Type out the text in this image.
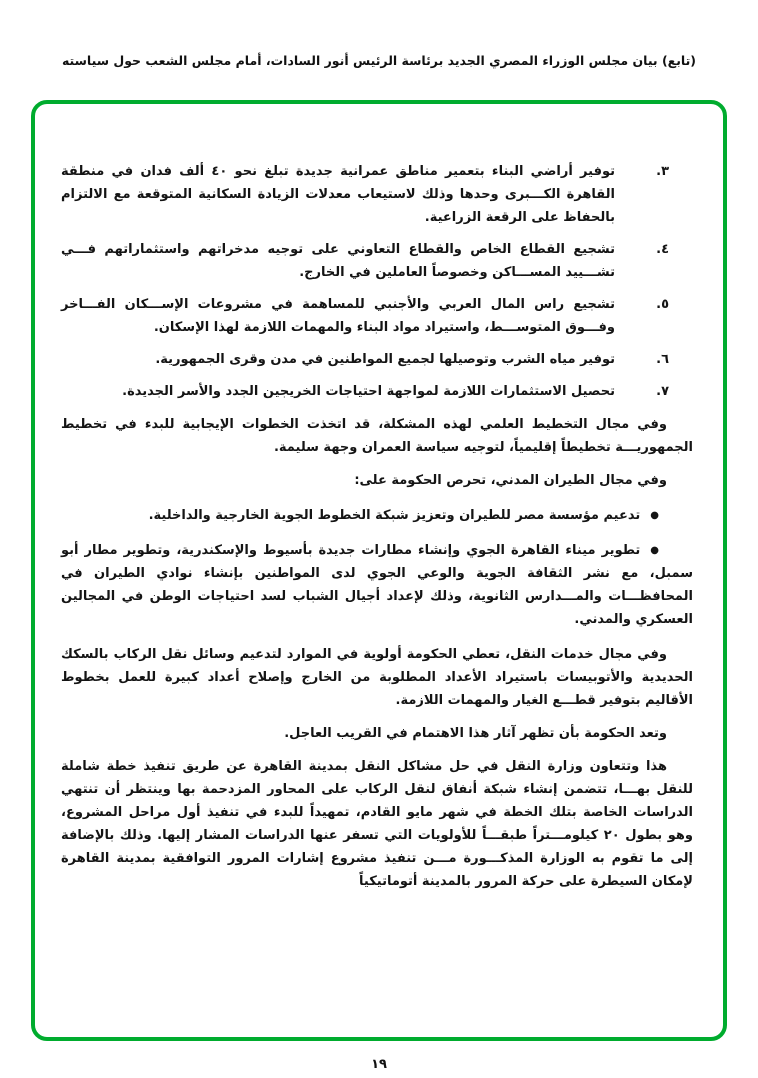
(تابع) بيان مجلس الوزراء المصري الجديد برئاسة الرئيس أنور السادات، أمام مجلس الشعب حول سياسته
٣.
توفير أراضي البناء بتعمير مناطق عمرانية جديدة تبلغ نحو ٤٠ ألف فدان في منطقة القاهرة الكـــبرى وحدها وذلك لاستيعاب معدلات الزيادة السكانية المتوقعة مع الالتزام بالحفاظ على الرقعة الزراعية.
٤.
تشجيع القطاع الخاص والقطاع التعاوني على توجيه مدخراتهم واستثماراتهم فـــي تشـــييد المســـاكن وخصوصاً العاملين في الخارج.
٥.
تشجيع راس المال العربي والأجنبي للمساهمة في مشروعات الإســـكان الفـــاخر وفـــوق المتوســـط، واستيراد مواد البناء والمهمات اللازمة لهذا الإسكان.
٦.
توفير مياه الشرب وتوصيلها لجميع المواطنين في مدن وقرى الجمهورية.
٧.
تحصيل الاستثمارات اللازمة لمواجهة احتياجات الخريجين الجدد والأسر الجديدة.

وفي مجال التخطيط العلمي لهذه المشكلة، قد اتخذت الخطوات الإيجابية للبدء في تخطيط الجمهوريـــة تخطيطاً إقليمياً، لتوجيه سياسة العمران وجهة سليمة.

وفي مجال الطيران المدني، تحرص الحكومة على:

●تدعيم مؤسسة مصر للطيران وتعزيز شبكة الخطوط الجوية الخارجية والداخلية.
●تطوير ميناء القاهرة الجوي وإنشاء مطارات جديدة بأسيوط والإسكندرية، وتطوير مطار أبو سمبل، مع نشر الثقافة الجوية والوعي الجوي لدى المواطنين بإنشاء نوادي الطيران في المحافظـــات والمـــدارس الثانوية، وذلك لإعداد أجيال الشباب لسد احتياجات الوطن في المجالين العسكري والمدني.

وفي مجال خدمات النقل، تعطي الحكومة أولوية في الموارد لتدعيم وسائل نقل الركاب بالسكك الحديدية والأتوبيسات باستيراد الأعداد المطلوبة من الخارج وإصلاح أعداد كبيرة للعمل بخطوط الأقاليم بتوفير قطـــع الغيار والمهمات اللازمة.

وتعد الحكومة بأن تظهر آثار هذا الاهتمام في القريب العاجل.

هذا وتتعاون وزارة النقل في حل مشاكل النقل بمدينة القاهرة عن طريق تنفيذ خطة شاملة للنقل بهـــا، تتضمن إنشاء شبكة أنفاق لنقل الركاب على المحاور المزدحمة بها وينتظر أن تنتهي الدراسات الخاصة بتلك الخطة في شهر مايو القادم، تمهيداً للبدء في تنفيذ أول مراحل المشروع، وهو بطول ٢٠ كيلومـــتراً طبقـــاً للأولويات التي تسفر عنها الدراسات المشار إليها. وذلك بالإضافة إلى ما تقوم به الوزارة المذكـــورة مـــن تنفيذ مشروع إشارات المرور التوافقية بمدينة القاهرة لإمكان السيطرة على حركة المرور بالمدينة أتوماتيكياً

١٩
